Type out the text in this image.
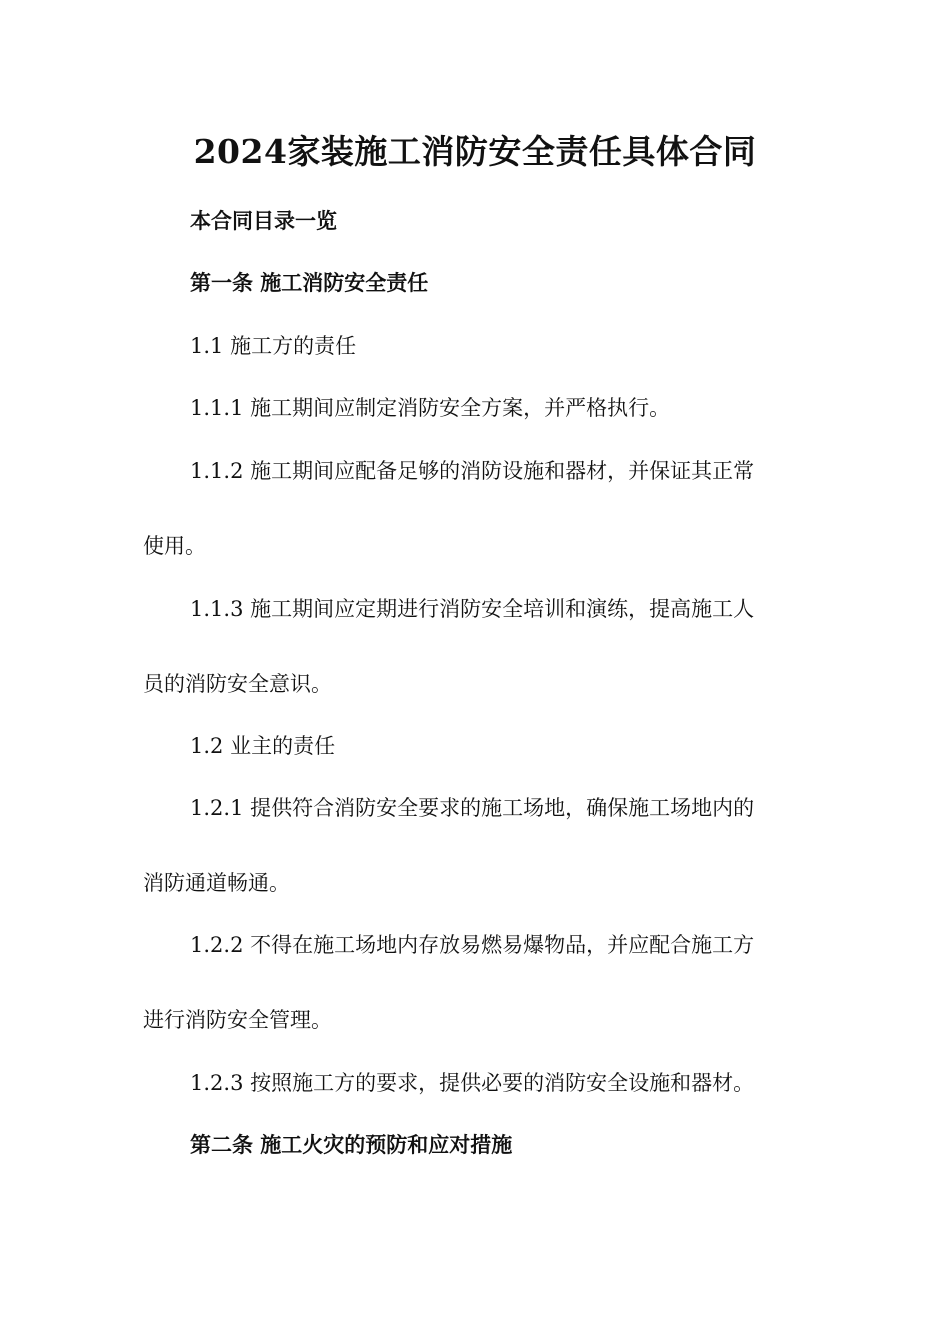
2024家装施工消防安全责任具体合同

本合同目录一览

第一条 施工消防安全责任

1.1 施工方的责任

1.1.1 施工期间应制定消防安全方案，并严格执行。

1.1.2 施工期间应配备足够的消防设施和器材，并保证其正常

使用。

1.1.3 施工期间应定期进行消防安全培训和演练，提高施工人

员的消防安全意识。

1.2 业主的责任

1.2.1 提供符合消防安全要求的施工场地，确保施工场地内的

消防通道畅通。

1.2.2 不得在施工场地内存放易燃易爆物品，并应配合施工方

进行消防安全管理。

1.2.3 按照施工方的要求，提供必要的消防安全设施和器材。

第二条 施工火灾的预防和应对措施
